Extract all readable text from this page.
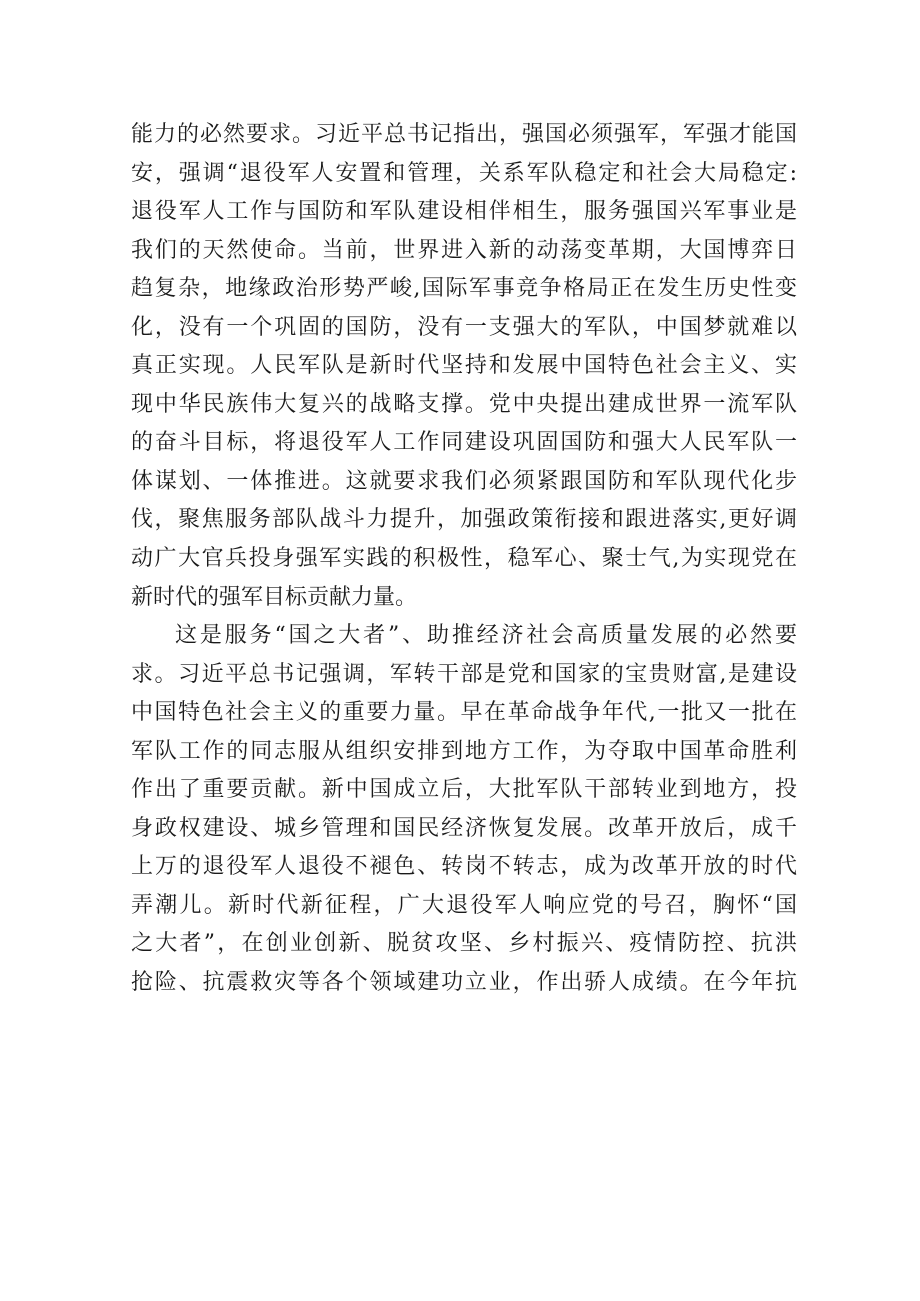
能力的必然要求。习近平总书记指出，强国必须强军，军强才能国
安，强调“退役军人安置和管理，关系军队稳定和社会大局稳定:
退役军人工作与国防和军队建设相伴相生，服务强国兴军事业是
我们的天然使命。当前，世界进入新的动荡变革期，大国博弈日
趋复杂，地缘政治形势严峻,国际军事竞争格局正在发生历史性变
化，没有一个巩固的国防，没有一支强大的军队，中国梦就难以
真正实现。人民军队是新时代坚持和发展中国特色社会主义、实
现中华民族伟大复兴的战略支撑。党中央提出建成世界一流军队
的奋斗目标，将退役军人工作同建设巩固国防和强大人民军队一
体谋划、一体推进。这就要求我们必须紧跟国防和军队现代化步
伐，聚焦服务部队战斗力提升，加强政策衔接和跟进落实,更好调
动广大官兵投身强军实践的积极性，稳军心、聚士气,为实现党在
新时代的强军目标贡献力量。
这是服务“国之大者”、助推经济社会高质量发展的必然要
求。习近平总书记强调，军转干部是党和国家的宝贵财富,是建设
中国特色社会主义的重要力量。早在革命战争年代,一批又一批在
军队工作的同志服从组织安排到地方工作，为夺取中国革命胜利
作出了重要贡献。新中国成立后，大批军队干部转业到地方，投
身政权建设、城乡管理和国民经济恢复发展。改革开放后，成千
上万的退役军人退役不褪色、转岗不转志，成为改革开放的时代
弄潮儿。新时代新征程，广大退役军人响应党的号召，胸怀“国
之大者”，在创业创新、脱贫攻坚、乡村振兴、疫情防控、抗洪
抢险、抗震救灾等各个领域建功立业，作出骄人成绩。在今年抗
